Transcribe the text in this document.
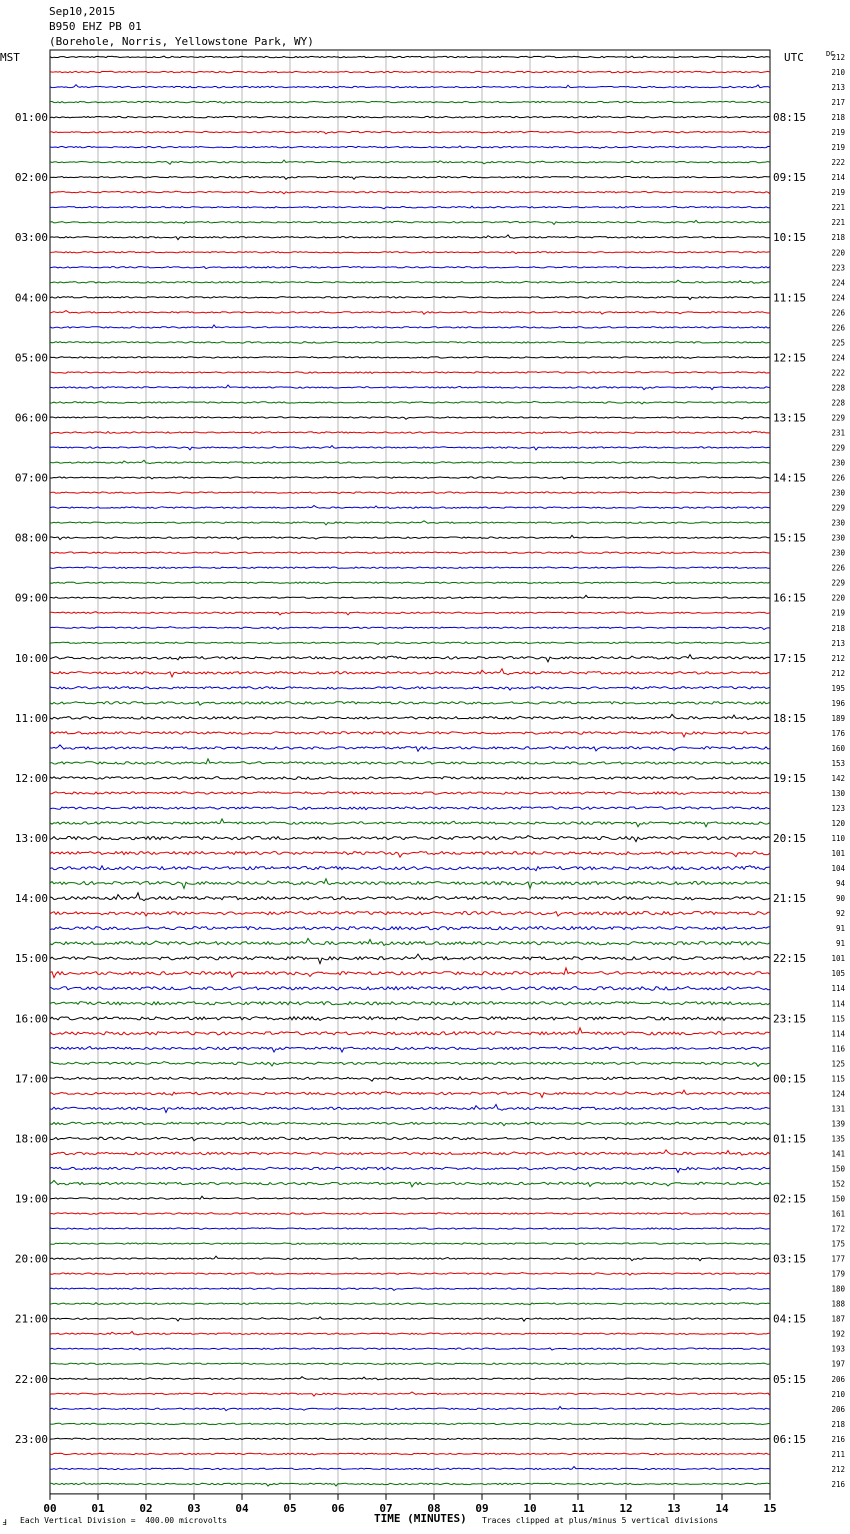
Sep10,2015
B950 EHZ PB 01
(Borehole, Norris, Yellowstone Park, WY)
212
210
213
217
218
219
219
222
214
219
221
221
218
220
223
224
224
226
226
225
224
222
228
228
229
231
229
230
226
230
229
230
230
230
226
229
220
219
218
213
212
212
195
196
189
176
160
153
142
130
123
120
110
101
104
94
90
92
91
91
101
105
114
114
115
114
116
125
115
124
131
139
135
141
150
152
150
161
172
175
177
179
180
188
187
192
193
197
206
210
206
218
216
211
212
216
MST	UTC	DC
01:00	08:15
02:00	09:15
03:00	10:15
04:00	11:15
05:00	12:15
06:00	13:15
07:00	14:15
08:00	15:15
09:00	16:15
10:00	17:15
11:00	18:15
12:00	19:15
13:00	20:15
14:00	21:15
15:00	22:15
16:00	23:15
17:00	00:15
18:00	01:15
19:00	02:15
20:00	03:15
21:00	04:15
22:00	05:15
23:00	06:15
00	01	02	03	04	05	06	07	08	09	10	11	12	13	14	15
Ⅎ Each Vertical Division =  400.00 microvolts	TIME (MINUTES) Traces clipped at plus/minus 5 vertical divisions
